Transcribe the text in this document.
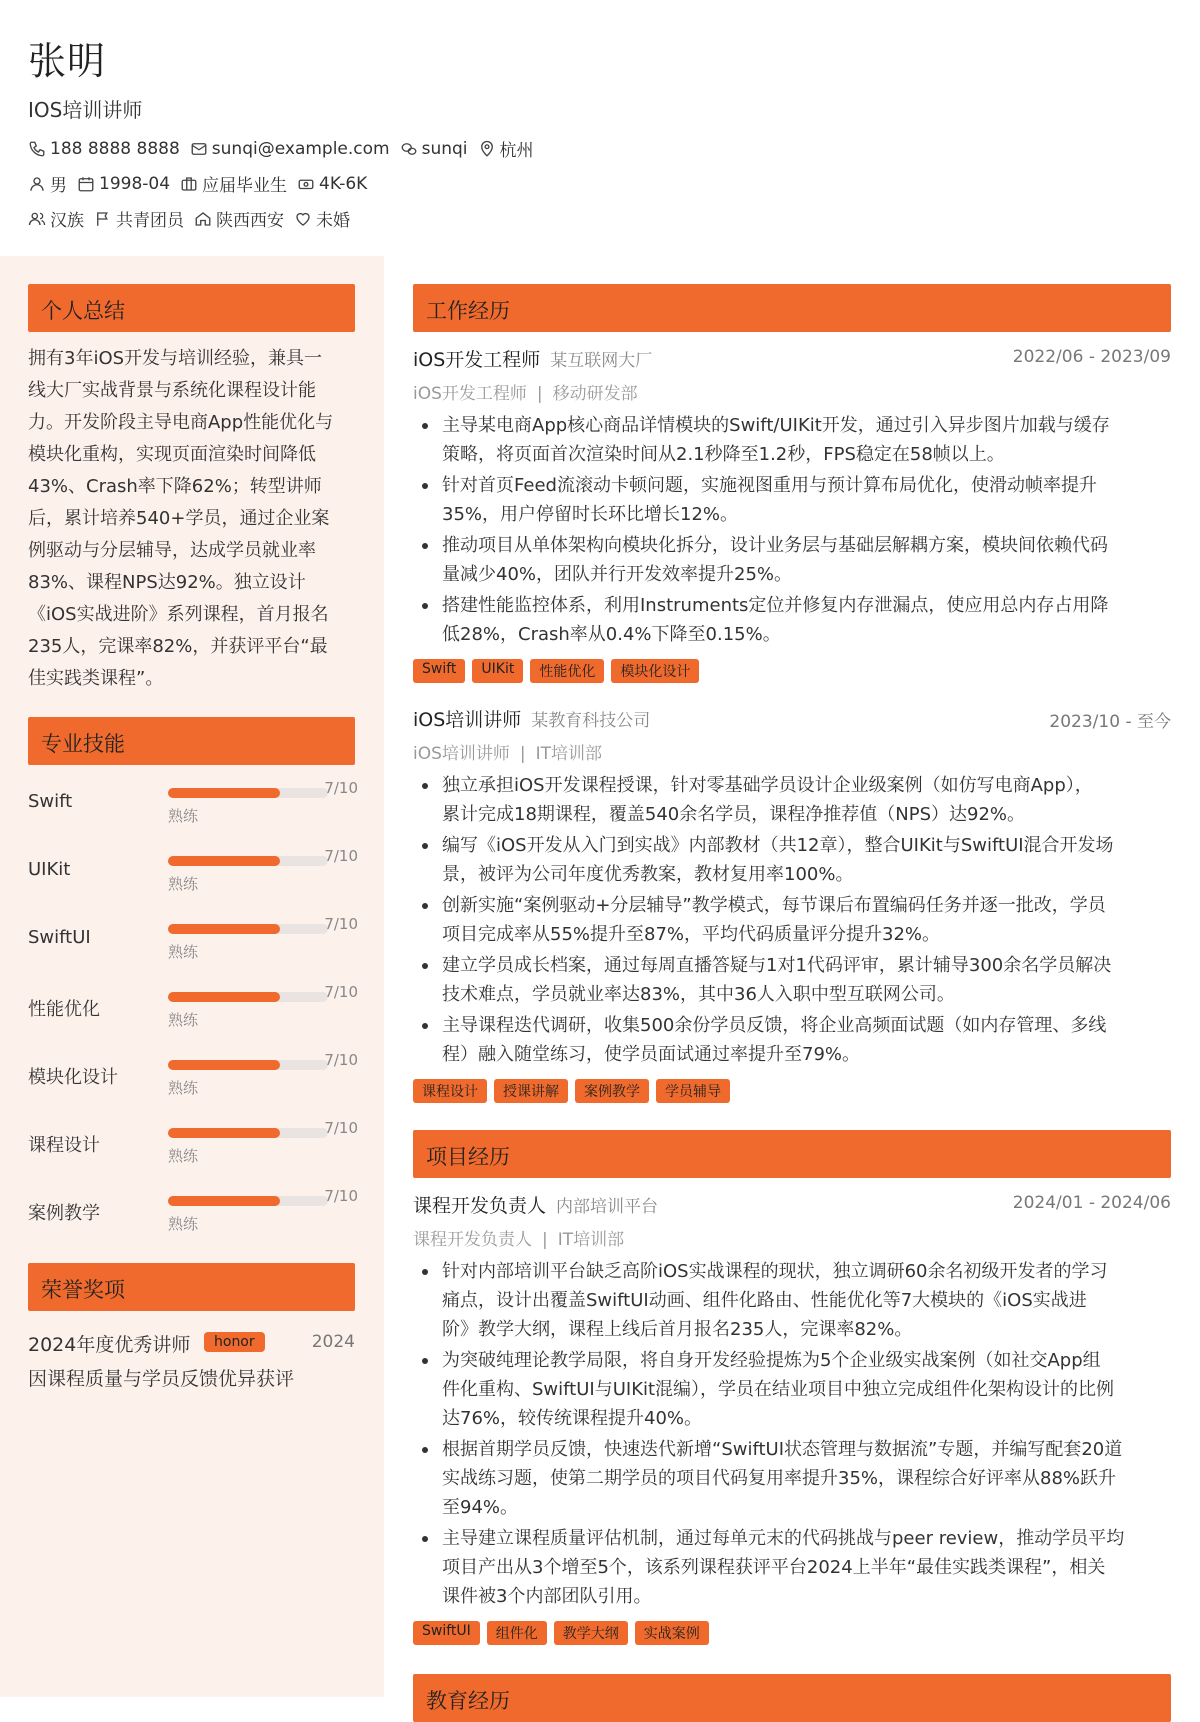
张明
IOS培训讲师
188 8888 8888 sunqi@example.com sunqi 杭州
男 1998-04 应届毕业生 4K-6K
汉族 共青团员 陕西西安 未婚
个人总结
拥有3年iOS开发与培训经验，兼具一
线大厂实战背景与系统化课程设计能
力。开发阶段主导电商App性能优化与
模块化重构，实现页面渲染时间降低
43%、Crash率下降62%；转型讲师
后，累计培养540+学员，通过企业案
例驱动与分层辅导，达成学员就业率
83%、课程NPS达92%。独立设计
《iOS实战进阶》系列课程，首月报名
235人，完课率82%，并获评平台“最
佳实践类课程”。
专业技能
Swift
7/10
熟练
UIKit
7/10
熟练
SwiftUI
7/10
熟练
性能优化
7/10
熟练
模块化设计
7/10
熟练
课程设计
7/10
熟练
案例教学
7/10
熟练
荣誉奖项
2024年度优秀讲师	honor	2024
因课程质量与学员反馈优异获评
工作经历
iOS开发工程师 某互联网大厂	2022/06 - 2023/09
iOS开发工程师 | 移动研发部
主导某电商App核心商品详情模块的Swift/UIKit开发，通过引入异步图片加载与缓存
策略，将页面首次渲染时间从2.1秒降至1.2秒，FPS稳定在58帧以上。
针对首页Feed流滚动卡顿问题，实施视图重用与预计算布局优化，使滑动帧率提升
35%，用户停留时长环比增长12%。
推动项目从单体架构向模块化拆分，设计业务层与基础层解耦方案，模块间依赖代码
量减少40%，团队并行开发效率提升25%。
搭建性能监控体系，利用Instruments定位并修复内存泄漏点，使应用总内存占用降
低28%，Crash率从0.4%下降至0.15%。
Swift	UIKit	性能优化	模块化设计
iOS培训讲师 某教育科技公司	2023/10 - 至今
iOS培训讲师 | IT培训部
独立承担iOS开发课程授课，针对零基础学员设计企业级案例（如仿写电商App），
累计完成18期课程，覆盖540余名学员，课程净推荐值（NPS）达92%。
编写《iOS开发从入门到实战》内部教材（共12章），整合UIKit与SwiftUI混合开发场
景，被评为公司年度优秀教案，教材复用率100%。
创新实施“案例驱动+分层辅导”教学模式，每节课后布置编码任务并逐一批改，学员
项目完成率从55%提升至87%，平均代码质量评分提升32%。
建立学员成长档案，通过每周直播答疑与1对1代码评审，累计辅导300余名学员解决
技术难点，学员就业率达83%，其中36人入职中型互联网公司。
主导课程迭代调研，收集500余份学员反馈，将企业高频面试题（如内存管理、多线
程）融入随堂练习，使学员面试通过率提升至79%。
课程设计	授课讲解	案例教学	学员辅导
项目经历
课程开发负责人 内部培训平台	2024/01 - 2024/06
课程开发负责人 | IT培训部
针对内部培训平台缺乏高阶iOS实战课程的现状，独立调研60余名初级开发者的学习
痛点，设计出覆盖SwiftUI动画、组件化路由、性能优化等7大模块的《iOS实战进
阶》教学大纲，课程上线后首月报名235人，完课率82%。
为突破纯理论教学局限，将自身开发经验提炼为5个企业级实战案例（如社交App组
件化重构、SwiftUI与UIKit混编），学员在结业项目中独立完成组件化架构设计的比例
达76%，较传统课程提升40%。
根据首期学员反馈，快速迭代新增“SwiftUI状态管理与数据流”专题，并编写配套20道
实战练习题，使第二期学员的项目代码复用率提升35%，课程综合好评率从88%跃升
至94%。
主导建立课程质量评估机制，通过每单元末的代码挑战与peer review，推动学员平均
项目产出从3个增至5个，该系列课程获评平台2024上半年“最佳实践类课程”，相关
课件被3个内部团队引用。
SwiftUI	组件化	教学大纲	实战案例
教育经历
